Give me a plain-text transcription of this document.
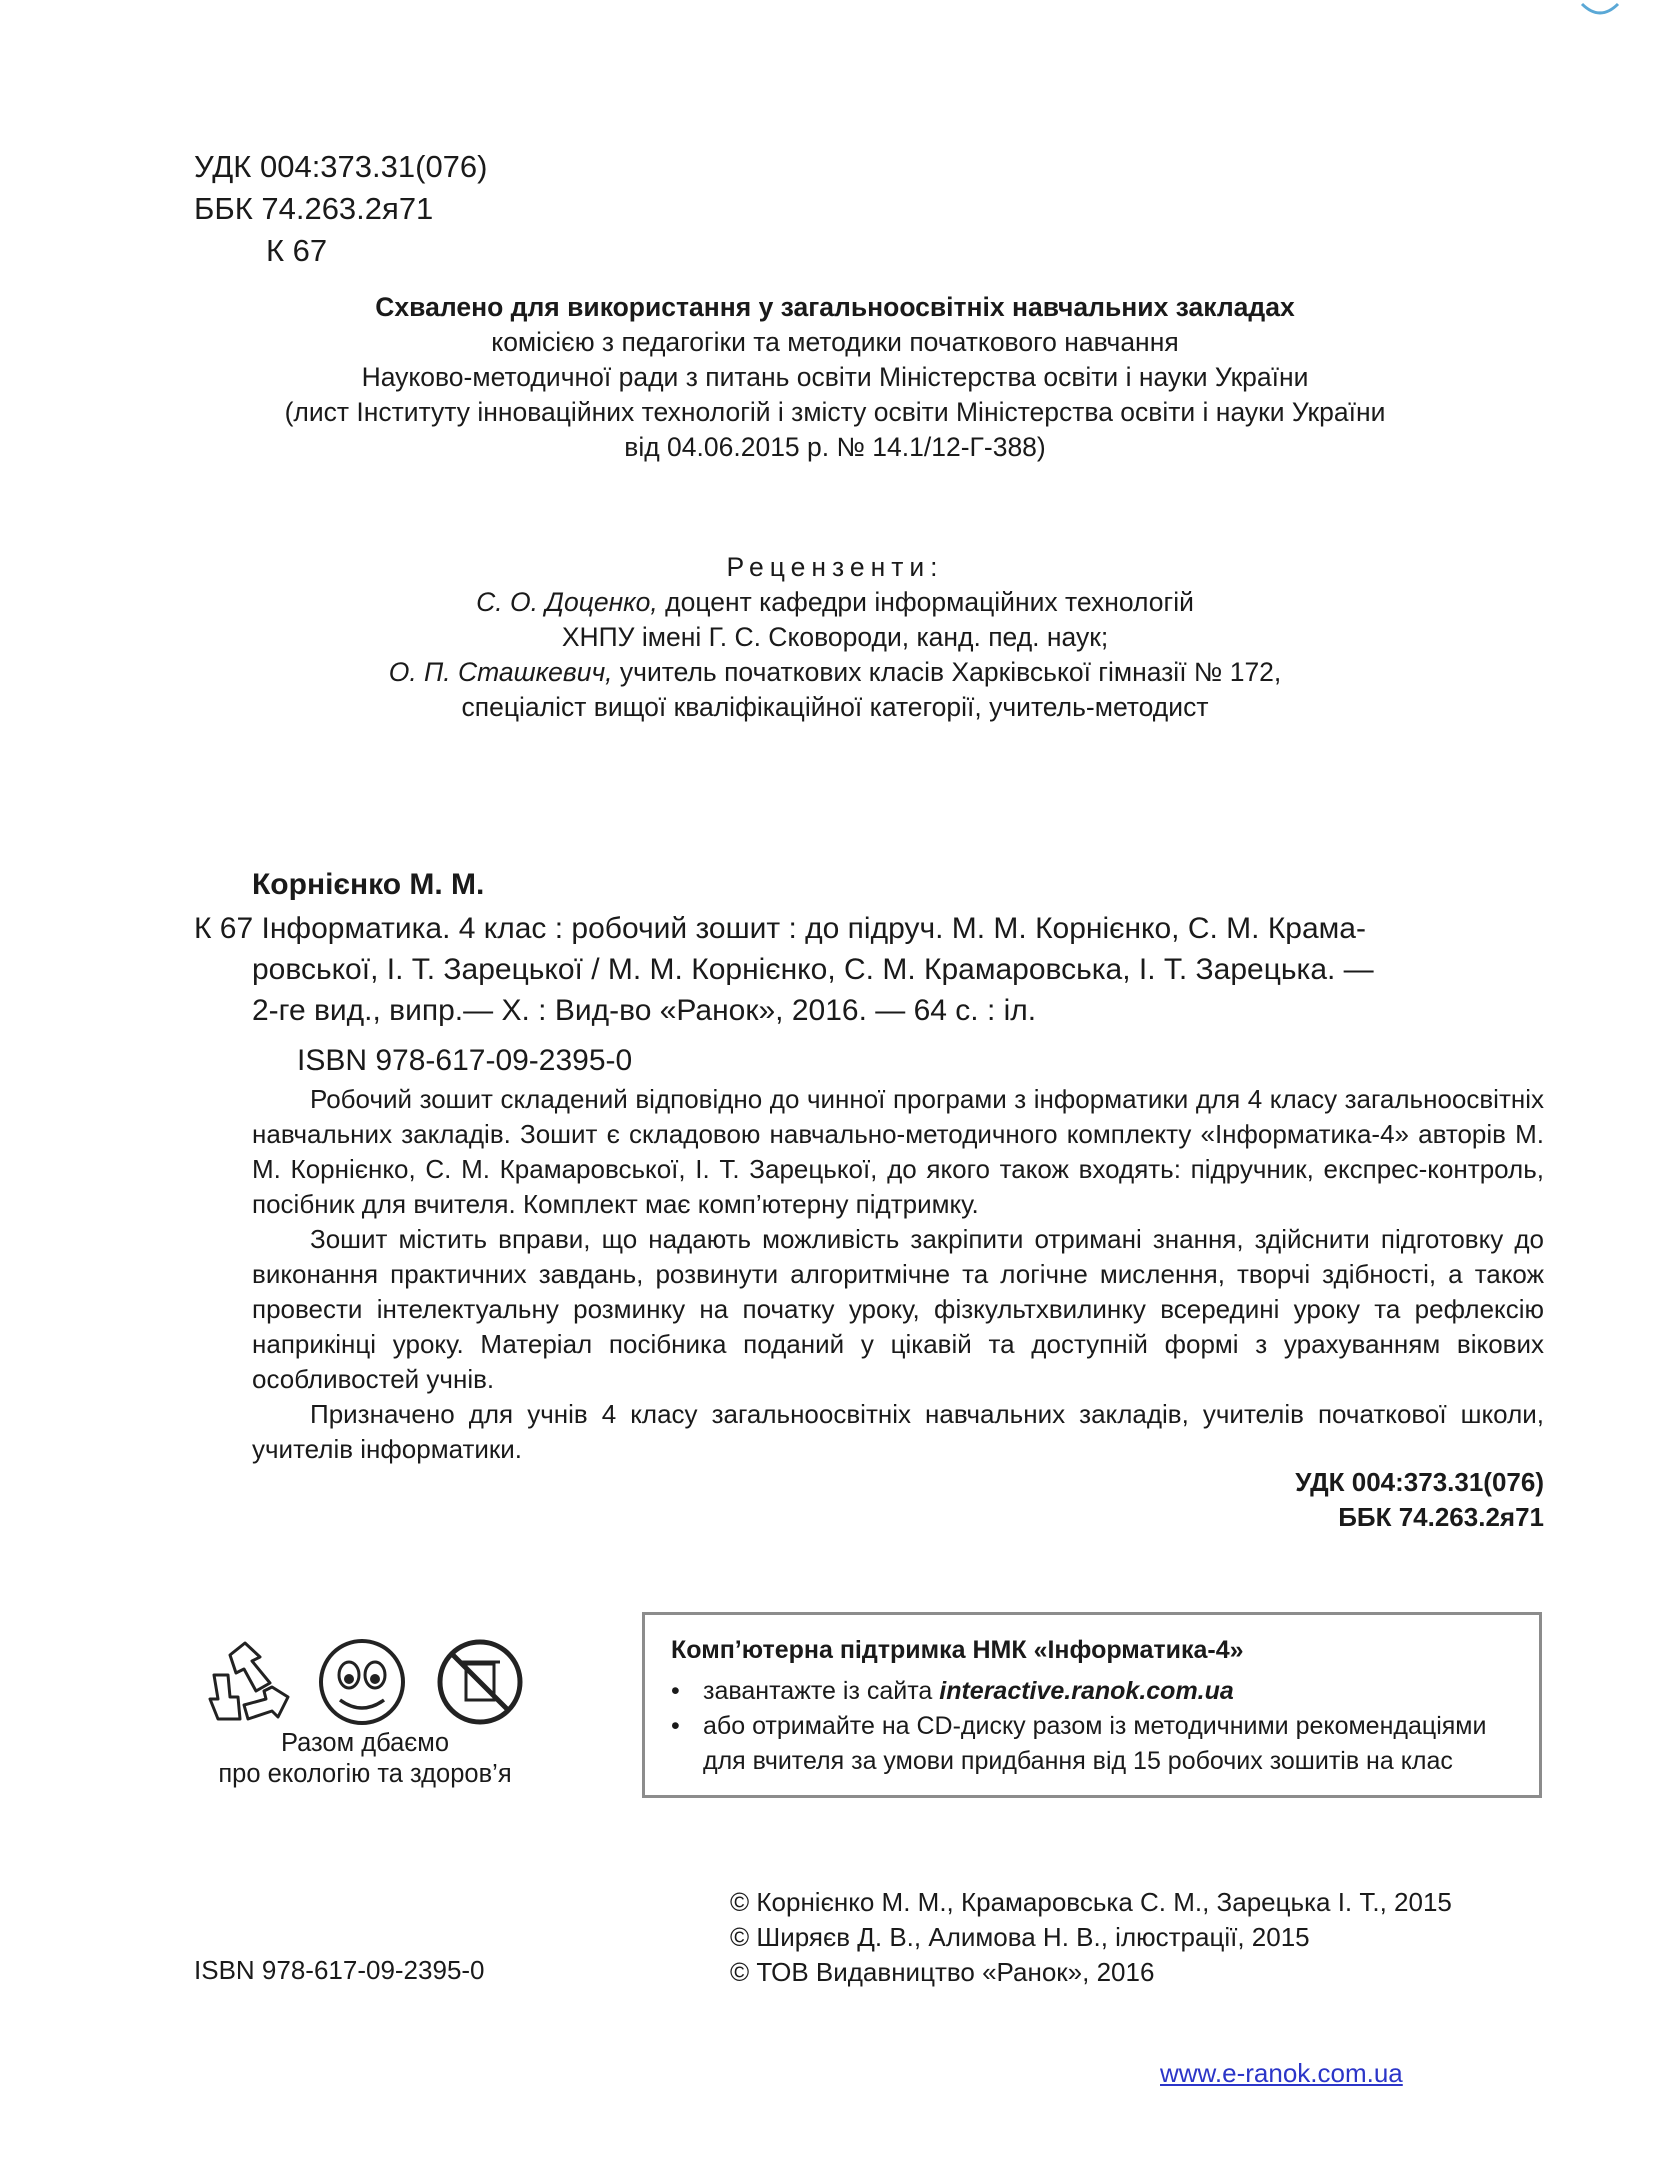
УДК 004:373.31(076)
ББК 74.263.2я71
К 67
Схвалено для використання у загальноосвітніх навчальних закладах
комісією з педагогіки та методики початкового навчання
Науково-методичної ради з питань освіти Міністерства освіти і науки України
(лист Інституту інноваційних технологій і змісту освіти Міністерства освіти і науки України
від 04.06.2015 р. № 14.1/12-Г-388)
Рецензенти:
С. О. Доценко, доцент кафедри інформаційних технологій
ХНПУ імені Г. С. Сковороди, канд. пед. наук;
О. П. Сташкевич, учитель початкових класів Харківської гімназії № 172,
спеціаліст вищої кваліфікаційної категорії, учитель-методист
Корнієнко М. М.
К 67 Інформатика. 4 клас : робочий зошит : до підруч. М. М. Корнієнко, С. М. Крама-
ровської, І. Т. Зарецької / М. М. Корнієнко, С. М. Крамаровська, І. Т. Зарецька. —
2-ге вид., випр.— Х. : Вид-во «Ранок», 2016. — 64 с. : іл.
ISBN 978-617-09-2395-0

Робочий зошит складений відповідно до чинної програми з інформатики для 4 класу загальноосвітніх навчальних закладів. Зошит є складовою навчально-методичного комплекту «Інформатика-4» авторів М. М. Корнієнко, С. М. Крамаровської, І. Т. Зарецької, до якого також входять: підручник, експрес-контроль, посібник для вчителя. Комплект має комп’ютерну підтримку.

Зошит містить вправи, що надають можливість закріпити отримані знання, здійснити підготовку до виконання практичних завдань, розвинути алгоритмічне та логічне мислення, творчі здібності, а також провести інтелектуальну розминку на початку уроку, фізкультхвилинку всередині уроку та рефлексію наприкінці уроку. Матеріал посібника поданий у цікавій та доступній формі з урахуванням вікових особливостей учнів.

Призначено для учнів 4 класу загальноосвітніх навчальних закладів, учителів початкової школи, учителів інформатики.

УДК 004:373.31(076)
ББК 74.263.2я71
Разом дбаємо
про екологію та здоров’я
Комп’ютерна підтримка НМК «Інформатика-4»
• завантажте із сайта interactive.ranok.com.ua
• або отримайте на CD-диску разом із методичними рекомендаціями
для вчителя за умови придбання від 15 робочих зошитів на клас
© Корнієнко М. М., Крамаровська С. М., Зарецька І. Т., 2015
© Ширяєв Д. В., Алимова Н. В., ілюстрації, 2015
© ТОВ Видавництво «Ранок», 2016
ISBN 978-617-09-2395-0
www.e-ranok.com.ua
